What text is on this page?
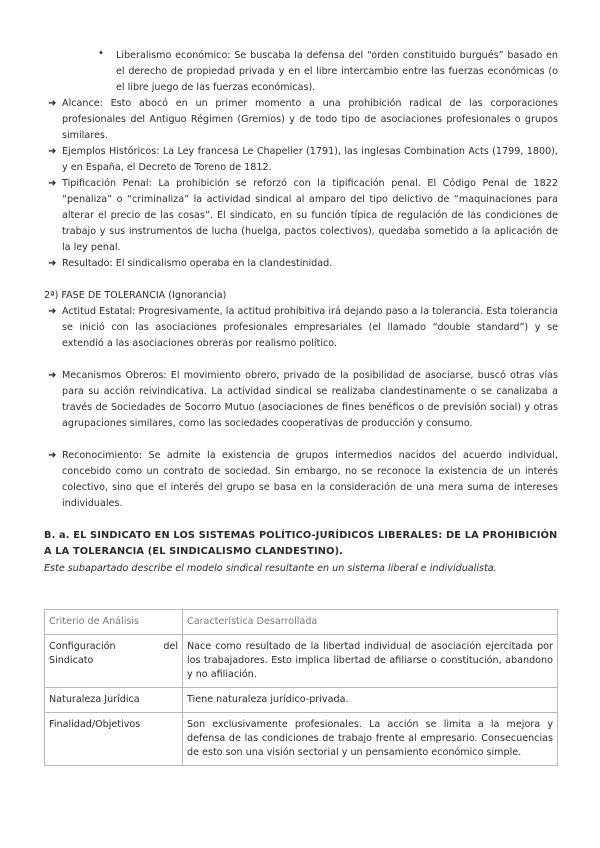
• Liberalismo económico: Se buscaba la defensa del “orden constituido burgués” basado en el derecho de propiedad privada y en el libre intercambio entre las fuerzas económicas (o el libre juego de las fuerzas económicas).
➜ Alcance: Esto abocó en un primer momento a una prohibición radical de las corporaciones profesionales del Antiguo Régimen (Gremios) y de todo tipo de asociaciones profesionales o grupos similares.
➜ Ejemplos Históricos: La Ley francesa Le Chapelier (1791), las inglesas Combination Acts (1799, 1800), y en España, el Decreto de Toreno de 1812.
➜ Tipificación Penal: La prohibición se reforzó con la tipificación penal. El Código Penal de 1822 “penaliza” o “criminaliza” la actividad sindical al amparo del tipo delictivo de “maquinaciones para alterar el precio de las cosas”. El sindicato, en su función típica de regulación de las condiciones de trabajo y sus instrumentos de lucha (huelga, pactos colectivos), quedaba sometido a la aplicación de la ley penal.
➜ Resultado: El sindicalismo operaba en la clandestinidad.
2ª) FASE DE TOLERANCIA (Ignorancia)
➜ Actitud Estatal: Progresivamente, la actitud prohibitiva irá dejando paso a la tolerancia. Esta tolerancia se inició con las asociaciones profesionales empresariales (el llamado “double standard”) y se extendió a las asociaciones obreras por realismo político.
➜ Mecanismos Obreros: El movimiento obrero, privado de la posibilidad de asociarse, buscó otras vías para su acción reivindicativa. La actividad sindical se realizaba clandestinamente o se canalizaba a través de Sociedades de Socorro Mutuo (asociaciones de fines benéficos o de previsión social) y otras agrupaciones similares, como las sociedades cooperativas de producción y consumo.
➜ Reconocimiento: Se admite la existencia de grupos intermedios nacidos del acuerdo individual, concebido como un contrato de sociedad. Sin embargo, no se reconoce la existencia de un interés colectivo, sino que el interés del grupo se basa en la consideración de una mera suma de intereses individuales.
B. a. EL SINDICATO EN LOS SISTEMAS POLÍTICO-JURÍDICOS LIBERALES: DE LA PROHIBICIÓN A LA TOLERANCIA (EL SINDICALISMO CLANDESTINO).
Este subapartado describe el modelo sindical resultante en un sistema liberal e individualista.
Criterio de Análisis	Característica Desarrollada
Configuración del Sindicato	Nace como resultado de la libertad individual de asociación ejercitada por los trabajadores. Esto implica libertad de afiliarse o constitución, abandono y no afiliación.
Naturaleza Jurídica	Tiene naturaleza jurídico-privada.
Finalidad/Objetivos	Son exclusivamente profesionales. La acción se limita a la mejora y defensa de las condiciones de trabajo frente al empresario. Consecuencias de esto son una visión sectorial y un pensamiento económico simple.
